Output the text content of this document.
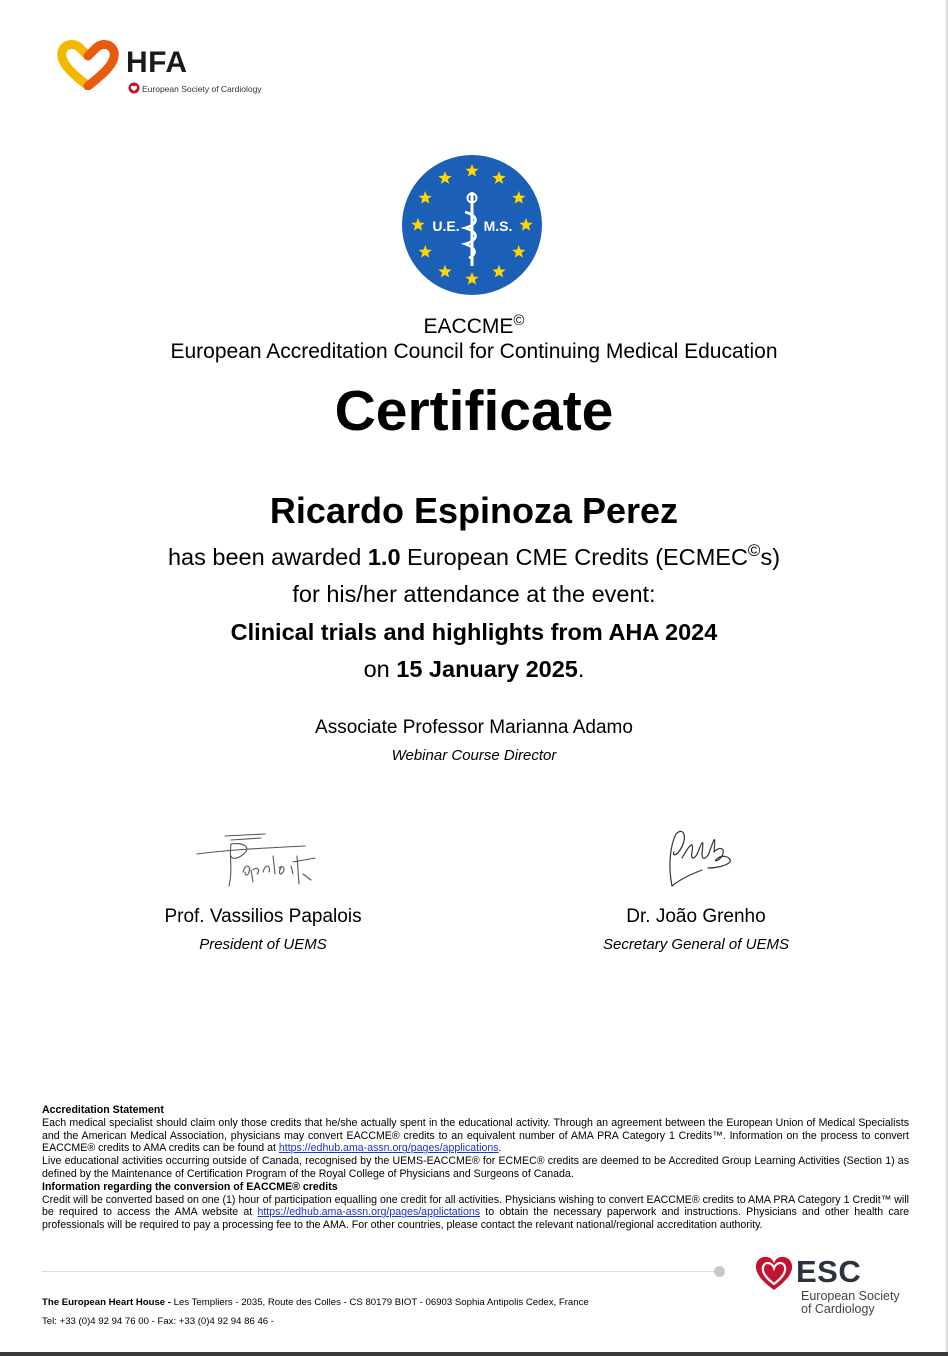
HFA
European Society of Cardiology
U.E. M.S.
EACCME©
European Accreditation Council for Continuing Medical Education
Certificate
Ricardo Espinoza Perez
has been awarded 1.0 European CME Credits (ECMEC©s)
for his/her attendance at the event:
Clinical trials and highlights from AHA 2024
on 15 January 2025.
Associate Professor Marianna Adamo
Webinar Course Director
Prof. Vassilios Papalois
President of UEMS
Dr. João Grenho
Secretary General of UEMS

Accreditation Statement

Each medical specialist should claim only those credits that he/she actually spent in the educational activity. Through an agreement between the European Union of Medical Specialists and the American Medical Association, physicians may convert EACCME® credits to an equivalent number of AMA PRA Category 1 Credits™. Information on the process to convert EACCME® credits to AMA credits can be found at https://edhub.ama-assn.org/pages/applications.

Live educational activities occurring outside of Canada, recognised by the UEMS-EACCME® for ECMEC® credits are deemed to be Accredited Group Learning Activities (Section 1) as defined by the Maintenance of Certification Program of the Royal College of Physicians and Surgeons of Canada.

Information regarding the conversion of EACCME® credits

Credit will be converted based on one (1) hour of participation equalling one credit for all activities. Physicians wishing to convert EACCME® credits to AMA PRA Category 1 Credit™ will be required to access the AMA website at https://edhub.ama-assn.org/pages/applictations to obtain the necessary paperwork and instructions. Physicians and other health care professionals will be required to pay a processing fee to the AMA. For other countries, please contact the relevant national/regional accreditation authority.

ESC
European Society
of Cardiology
The European Heart House - Les Templiers - 2035, Route des Colles - CS 80179 BIOT - 06903 Sophia Antipolis Cedex, France
Tel: +33 (0)4 92 94 76 00 - Fax: +33 (0)4 92 94 86 46 -
